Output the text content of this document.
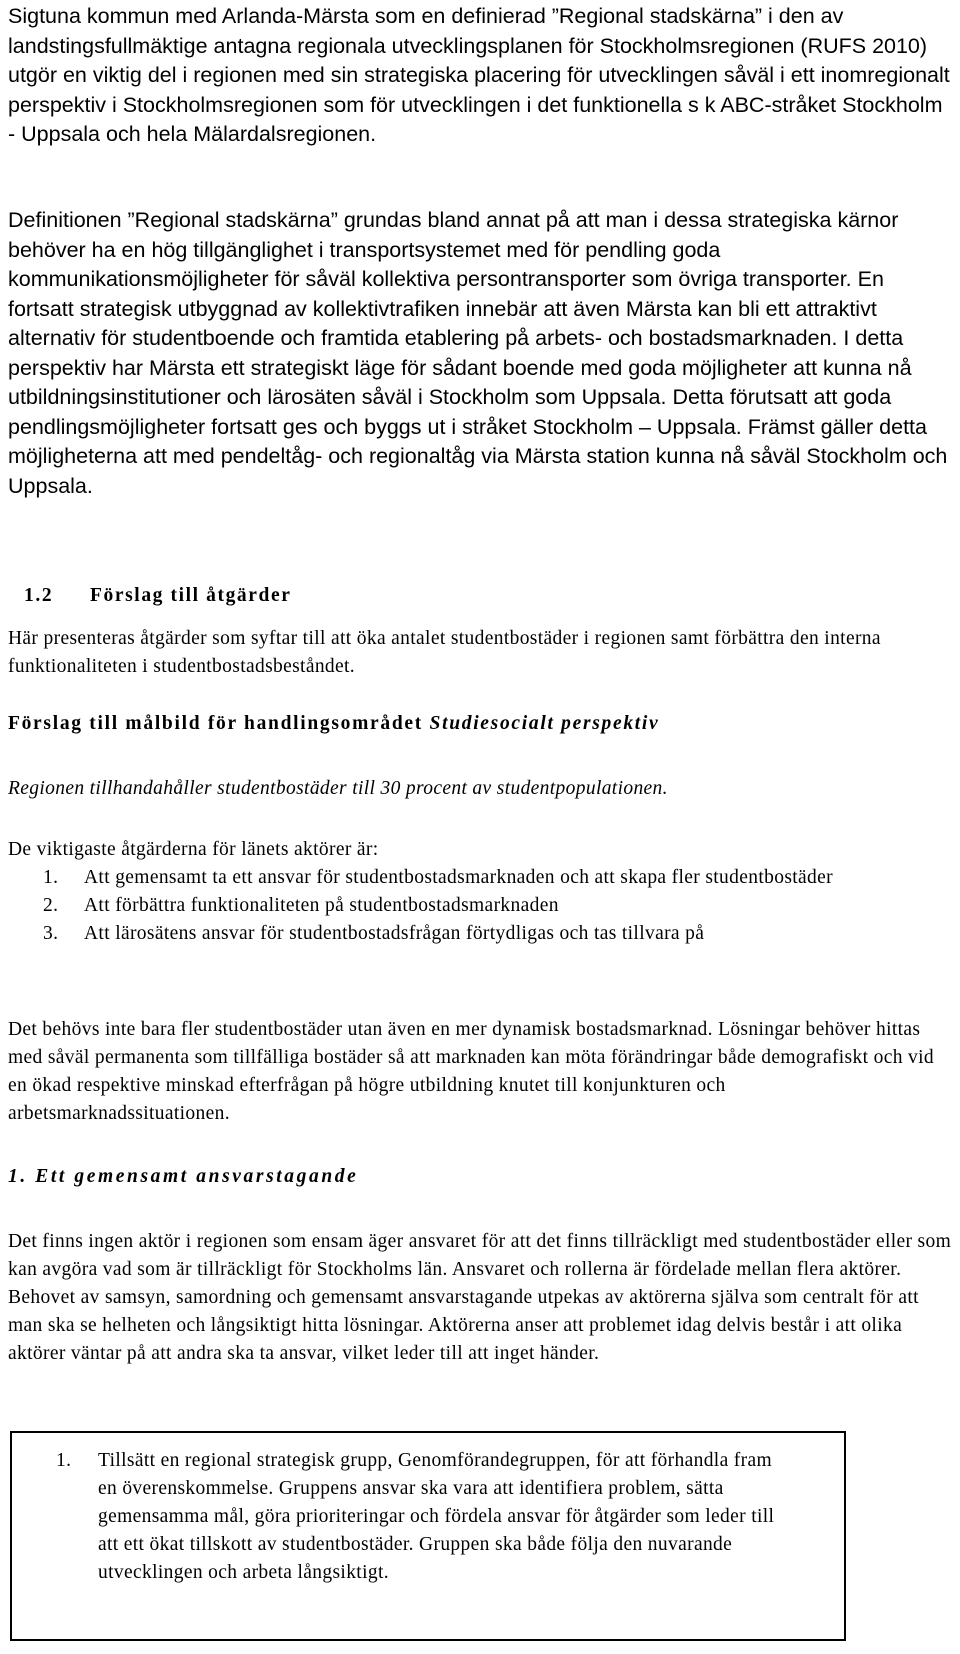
Sigtuna kommun med Arlanda-Märsta som en definierad ”Regional stadskärna” i den av landstingsfullmäktige antagna regionala utvecklingsplanen för Stockholmsregionen (RUFS 2010) utgör en viktig del i regionen med sin strategiska placering för utvecklingen såväl i ett inomregionalt perspektiv i Stockholmsregionen som för utvecklingen i det funktionella s k ABC-stråket Stockholm - Uppsala och hela Mälardalsregionen.

Definitionen ”Regional stadskärna” grundas bland annat på att man i dessa strategiska kärnor behöver ha en hög tillgänglighet i transportsystemet med för pendling goda kommunikationsmöjligheter för såväl kollektiva persontransporter som övriga transporter. En fortsatt strategisk utbyggnad av kollektivtrafiken innebär att även Märsta kan bli ett attraktivt alternativ för studentboende och framtida etablering på arbets- och bostadsmarknaden. I detta perspektiv har Märsta ett strategiskt läge för sådant boende med goda möjligheter att kunna nå utbildningsinstitutioner och lärosäten såväl i Stockholm som Uppsala. Detta förutsatt att goda pendlingsmöjligheter fortsatt ges och byggs ut i stråket Stockholm – Uppsala. Främst gäller detta möjligheterna att med pendeltåg- och regionaltåg via Märsta station kunna nå såväl Stockholm och Uppsala.

1.2 Förslag till åtgärder

Här presenteras åtgärder som syftar till att öka antalet studentbostäder i regionen samt förbättra den interna funktionaliteten i studentbostadsbeståndet.

Förslag till målbild för handlingsområdet Studiesocialt perspektiv

Regionen tillhandahåller studentbostäder till 30 procent av studentpopulationen.

De viktigaste åtgärderna för länets aktörer är:

1.	Att gemensamt ta ett ansvar för studentbostadsmarknaden och att skapa fler studentbostäder
2.	Att förbättra funktionaliteten på studentbostadsmarknaden
3.	Att lärosätens ansvar för studentbostadsfrågan förtydligas och tas tillvara på

Det behövs inte bara fler studentbostäder utan även en mer dynamisk bostadsmarknad. Lösningar behöver hittas med såväl permanenta som tillfälliga bostäder så att marknaden kan möta förändringar både demografiskt och vid en ökad respektive minskad efterfrågan på högre utbildning knutet till konjunkturen och arbetsmarknadssituationen.

1. Ett gemensamt ansvarstagande

Det finns ingen aktör i regionen som ensam äger ansvaret för att det finns tillräckligt med studentbostäder eller som kan avgöra vad som är tillräckligt för Stockholms län. Ansvaret och rollerna är fördelade mellan flera aktörer. Behovet av samsyn, samordning och gemensamt ansvarstagande utpekas av aktörerna själva som centralt för att man ska se helheten och långsiktigt hitta lösningar. Aktörerna anser att problemet idag delvis består i att olika aktörer väntar på att andra ska ta ansvar, vilket leder till att inget händer.

1.	Tillsätt en regional strategisk grupp, Genomförandegruppen, för att förhandla fram en överenskommelse. Gruppens ansvar ska vara att identifiera problem, sätta gemensamma mål, göra prioriteringar och fördela ansvar för åtgärder som leder till att ett ökat tillskott av studentbostäder. Gruppen ska både följa den nuvarande utvecklingen och arbeta långsiktigt.
